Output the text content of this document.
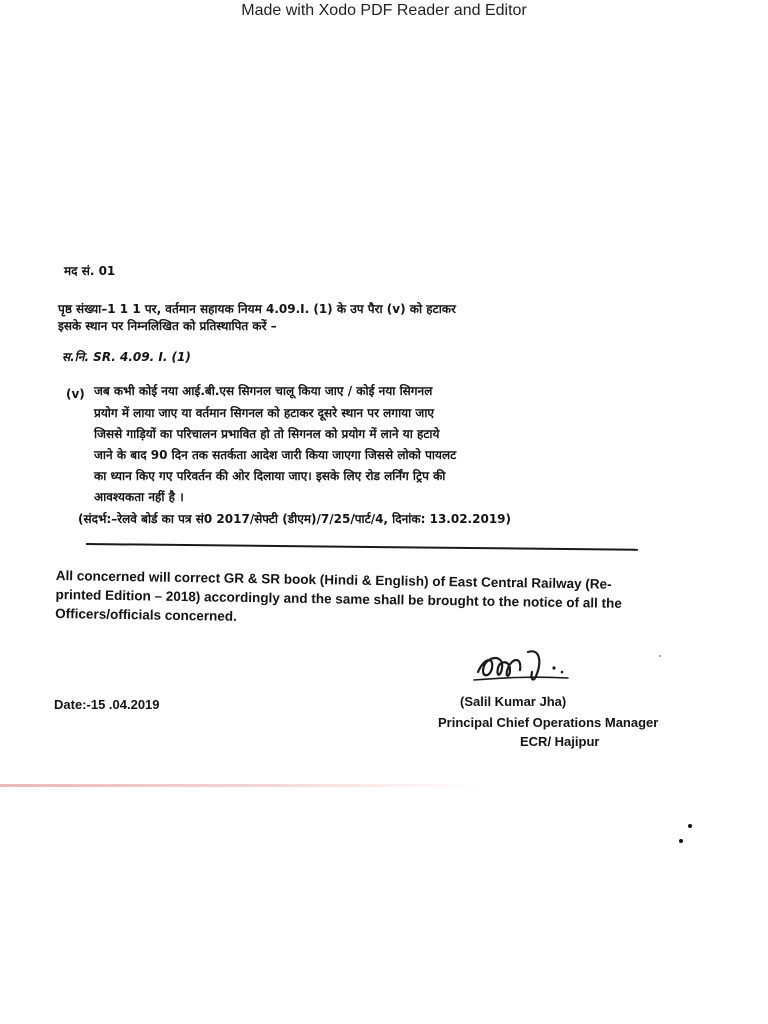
Made with Xodo PDF Reader and Editor
मद सं. 01
पृष्ठ संख्या–1 1 1 पर, वर्तमान सहायक नियम 4.09.I. (1) के उप पैरा (v) को हटाकर
इसके स्थान पर निम्नलिखित को प्रतिस्थापित करें –
स.नि. SR. 4.09. I. (1)
(v) जब कभी कोई नया आई.बी.एस सिगनल चालू किया जाए / कोई नया सिगनल
प्रयोग में लाया जाए या वर्तमान सिगनल को हटाकर दूसरे स्थान पर लगाया जाए
जिससे गाड़ियों का परिचालन प्रभावित हो तो सिगनल को प्रयोग में लाने या हटाये
जाने के बाद 90 दिन तक सतर्कता आदेश जारी किया जाएगा जिससे लोको पायलट
का ध्यान किए गए परिवर्तन की ओर दिलाया जाए। इसके लिए रोड लर्निंग ट्रिप की
आवश्यकता नहीं है ।
(संदर्भ:–रेलवे बोर्ड का पत्र सं0 2017/सेफ्टी (डीएम)/7/25/पार्ट/4, दिनांक: 13.02.2019)
All concerned will correct GR & SR book (Hindi & English) of East Central Railway (Re-printed Edition – 2018) accordingly and the same shall be brought to the notice of all the Officers/officials concerned.
Date:-15 .04.2019	(Salil Kumar Jha)
Principal Chief Operations Manager
ECR/ Hajipur
